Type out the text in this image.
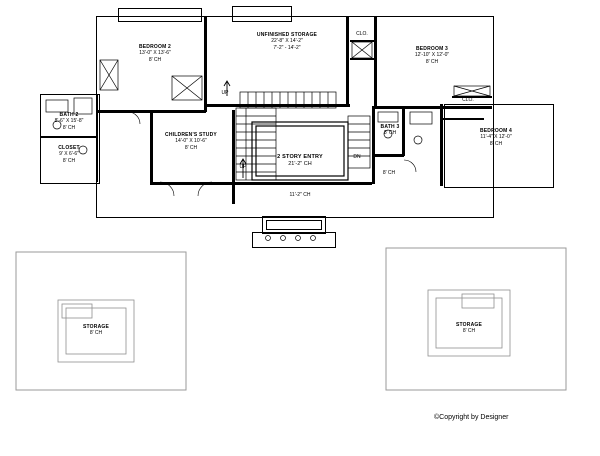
BEDROOM 2
13'-0" X 13'-6"
8' CH
UNFINISHED STORAGE
22'-8" X 14'-2"
7'-2" - 14'-2"	BEDROOM 3
12'-10" X 12'-0"
8' CH
BATH 2
8'-6" X 15'-8"
8' CH
CLOSET
9' X 6'-6"
8' CH
CHILDREN'S STUDY
14'-0" X 10'-6"
8' CH
2 STORY ENTRY
21'-2" CH
BATH 3
8' CH	BEDROOM 4
11'-4" X 12'-0"
8' CH
STORAGE
8' CH
STORAGE
8' CH
CLO.
CLO.
UP
UP
DN
11'-2" CH
8' CH
©Copyright by Designer
